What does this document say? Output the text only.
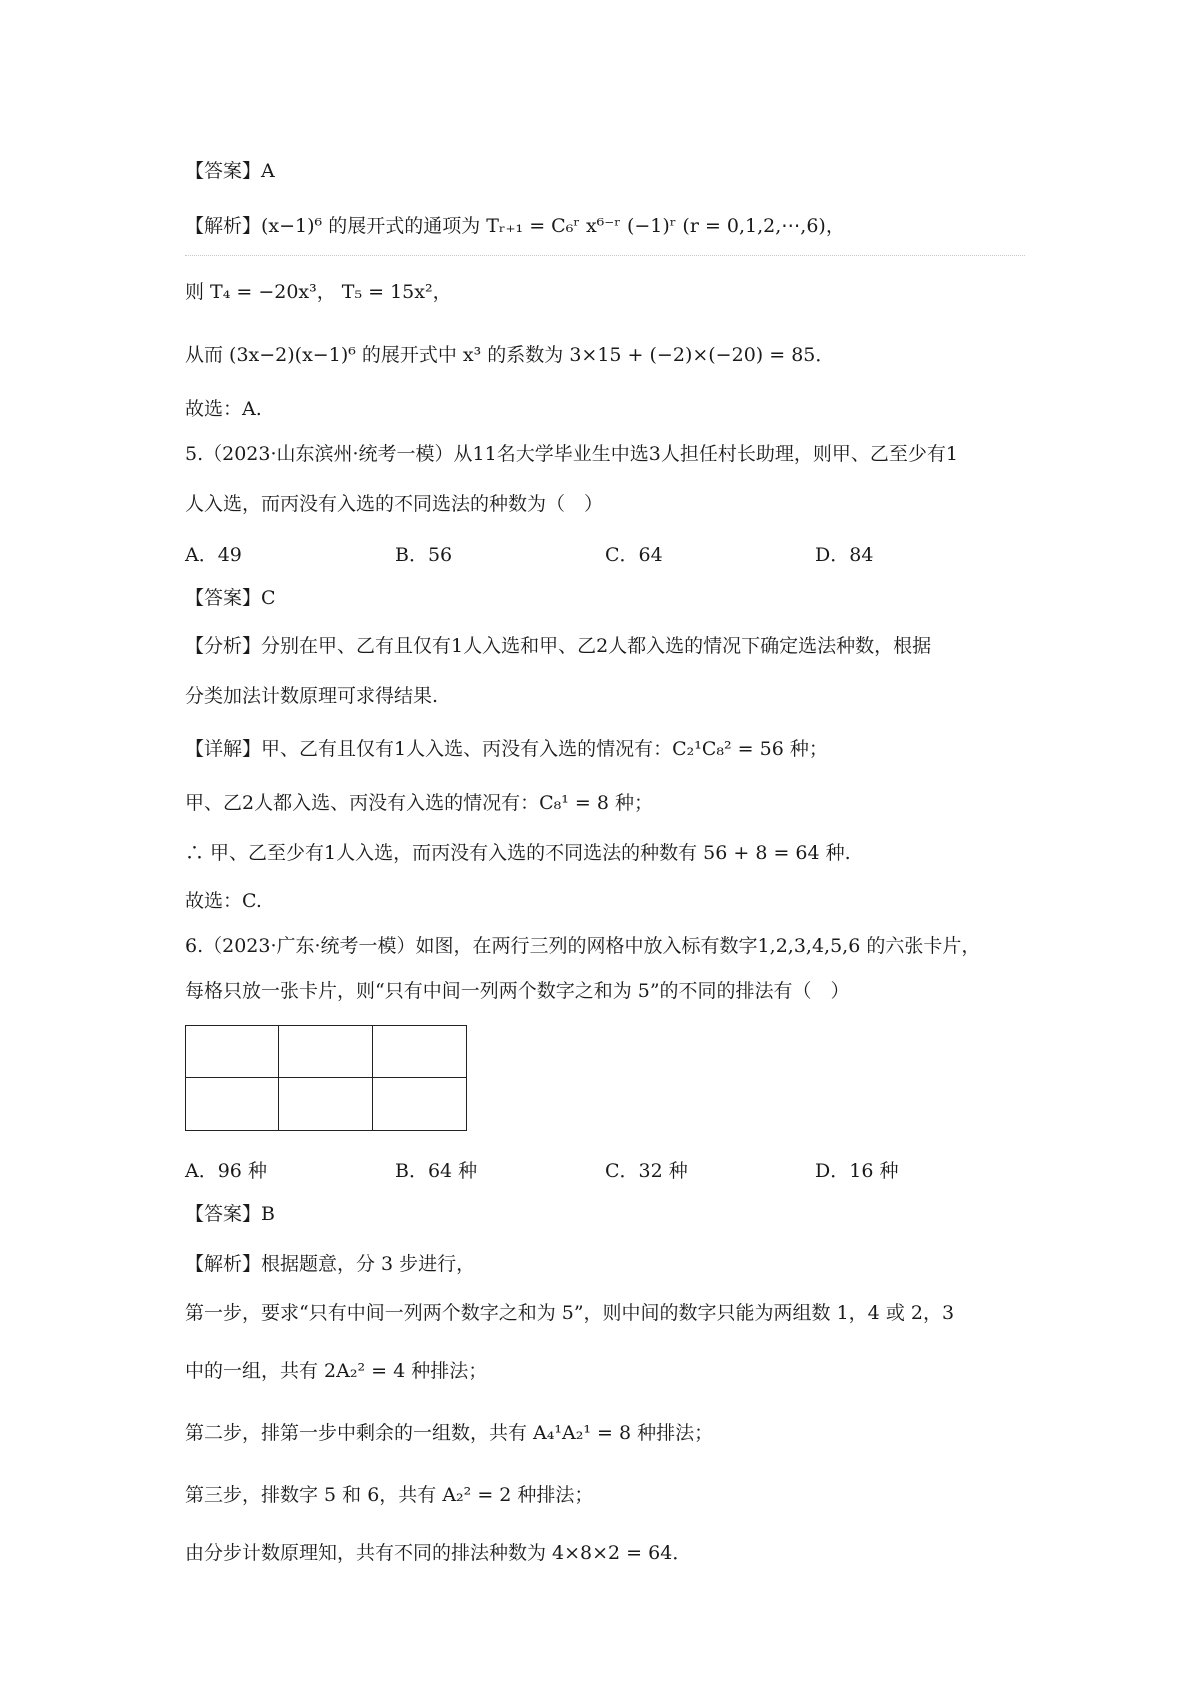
【答案】A
【解析】(x−1)⁶ 的展开式的通项为 Tᵣ₊₁ = C₆ʳ x⁶⁻ʳ (−1)ʳ (r = 0,1,2,⋯,6)，
则 T₄ = −20x³， T₅ = 15x²，
从而 (3x−2)(x−1)⁶ 的展开式中 x³ 的系数为 3×15 + (−2)×(−20) = 85．
故选：A.
5.（2023·山东滨州·统考一模）从11名大学毕业生中选3人担任村长助理，则甲、乙至少有1
人入选，而丙没有入选的不同选法的种数为（　）
A．49	B．56	C．64	D．84
【答案】C
【分析】分别在甲、乙有且仅有1人入选和甲、乙2人都入选的情况下确定选法种数，根据
分类加法计数原理可求得结果.
【详解】甲、乙有且仅有1人入选、丙没有入选的情况有：C₂¹C₈² = 56 种；
甲、乙2人都入选、丙没有入选的情况有：C₈¹ = 8 种；
∴ 甲、乙至少有1人入选，而丙没有入选的不同选法的种数有 56 + 8 = 64 种.
故选：C.
6.（2023·广东·统考一模）如图，在两行三列的网格中放入标有数字1,2,3,4,5,6 的六张卡片，
每格只放一张卡片，则“只有中间一列两个数字之和为 5”的不同的排法有（　）
A．96 种	B．64 种	C．32 种	D．16 种
【答案】B
【解析】根据题意，分 3 步进行，
第一步，要求“只有中间一列两个数字之和为 5”，则中间的数字只能为两组数 1，4 或 2，3
中的一组，共有 2A₂² = 4 种排法；
第二步，排第一步中剩余的一组数，共有 A₄¹A₂¹ = 8 种排法；
第三步，排数字 5 和 6，共有 A₂² = 2 种排法；
由分步计数原理知，共有不同的排法种数为 4×8×2 = 64．
